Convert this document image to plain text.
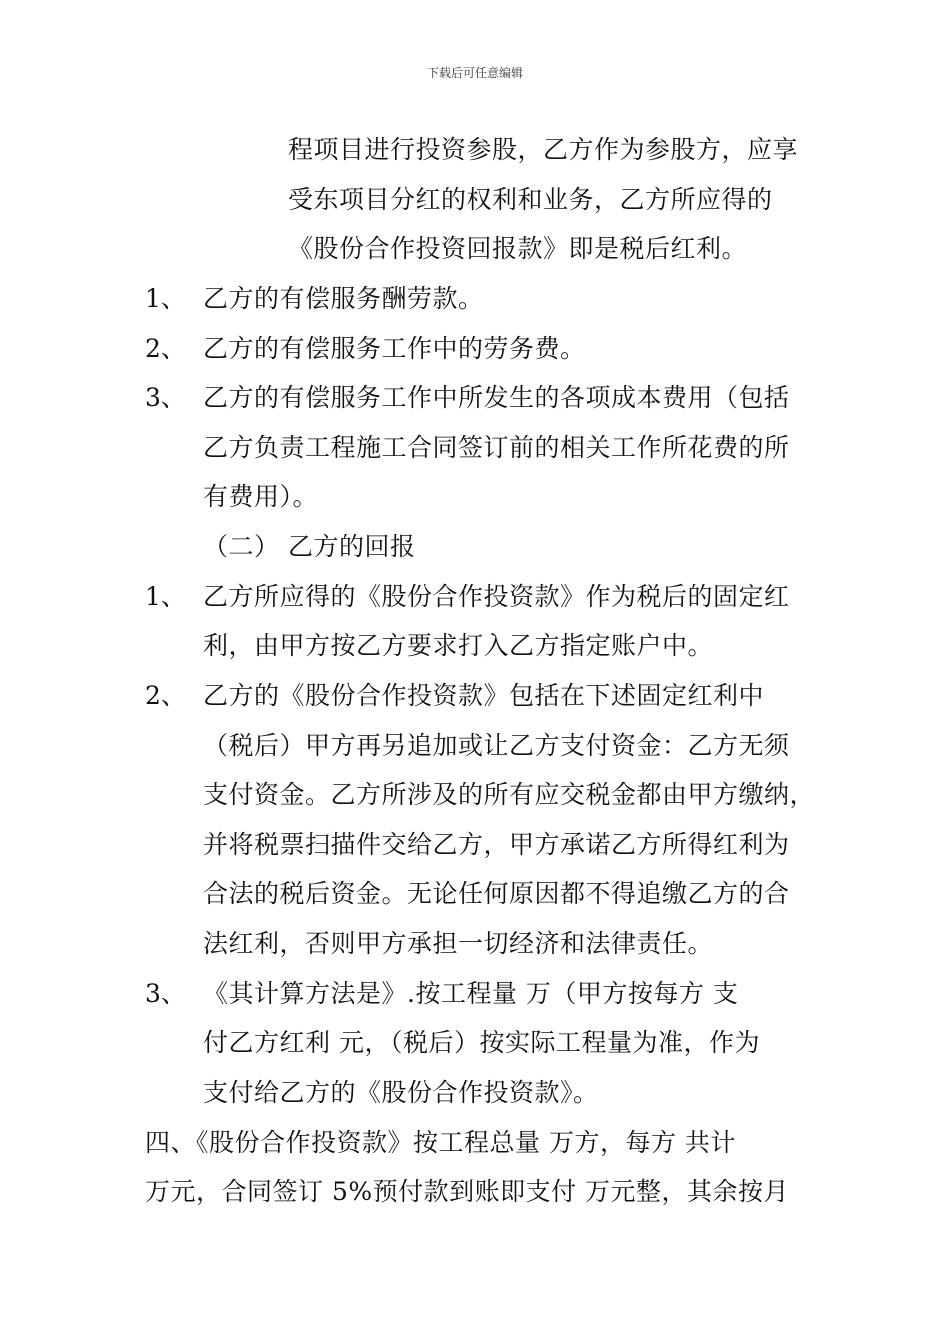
下载后可任意编辑
程项目进行投资参股，乙方作为参股方，应享
受东项目分红的权利和业务，乙方所应得的
《股份合作投资回报款》即是税后红利。
1、 乙方的有偿服务酬劳款。
2、 乙方的有偿服务工作中的劳务费。
3、 乙方的有偿服务工作中所发生的各项成本费用（包括
乙方负责工程施工合同签订前的相关工作所花费的所
有费用）。
（二） 乙方的回报
1、 乙方所应得的《股份合作投资款》作为税后的固定红
利，由甲方按乙方要求打入乙方指定账户中。
2、 乙方的《股份合作投资款》包括在下述固定红利中
（税后）甲方再另追加或让乙方支付资金：乙方无须
支付资金。乙方所涉及的所有应交税金都由甲方缴纳，
并将税票扫描件交给乙方，甲方承诺乙方所得红利为
合法的税后资金。无论任何原因都不得追缴乙方的合
法红利，否则甲方承担一切经济和法律责任。
3、 《其计算方法是》.按工程量 万（甲方按每方 支
付乙方红利 元，（税后）按实际工程量为准，作为
支付给乙方的《股份合作投资款》。
四、《股份合作投资款》按工程总量 万方，每方 共计
万元，合同签订 5%预付款到账即支付 万元整，其余按月
